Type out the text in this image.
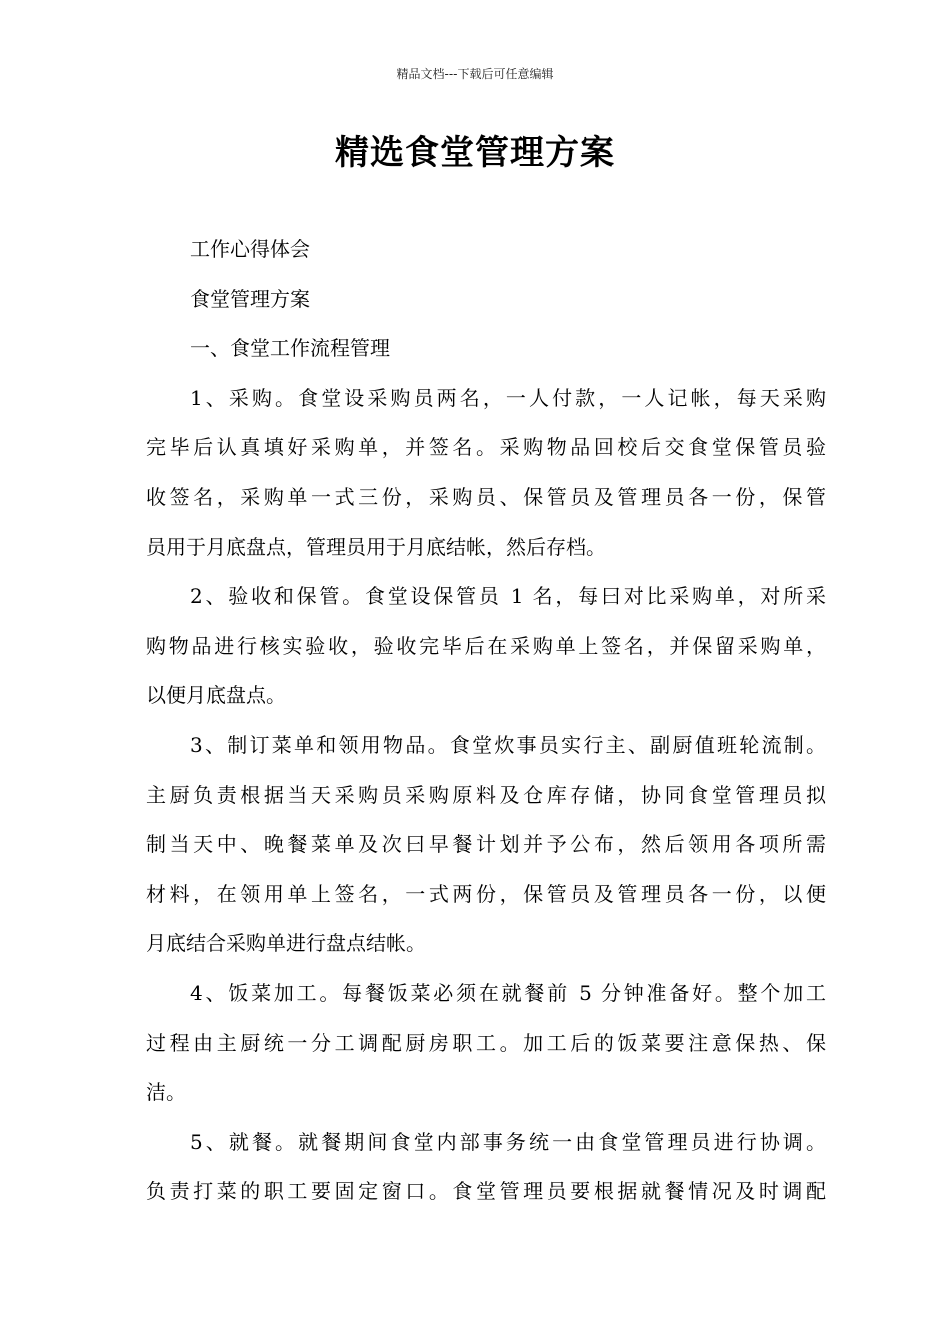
精品文档---下载后可任意编辑
精选食堂管理方案
工作心得体会
食堂管理方案
一、食堂工作流程管理
1、采购。食堂设采购员两名，一人付款，一人记帐，每天采购
完毕后认真填好采购单，并签名。采购物品回校后交食堂保管员验
收签名，采购单一式三份，采购员、保管员及管理员各一份，保管
员用于月底盘点，管理员用于月底结帐，然后存档。
2、验收和保管。食堂设保管员 1 名，每曰对比采购单，对所采
购物品进行核实验收，验收完毕后在采购单上签名，并保留采购单，
以便月底盘点。
3、制订菜单和领用物品。食堂炊事员实行主、副厨值班轮流制。
主厨负责根据当天采购员采购原料及仓库存储，协同食堂管理员拟
制当天中、晚餐菜单及次曰早餐计划并予公布，然后领用各项所需
材料，在领用单上签名，一式两份，保管员及管理员各一份，以便
月底结合采购单进行盘点结帐。
4、饭菜加工。每餐饭菜必须在就餐前 5 分钟准备好。整个加工
过程由主厨统一分工调配厨房职工。加工后的饭菜要注意保热、保
洁。
5、就餐。就餐期间食堂内部事务统一由食堂管理员进行协调。
负责打菜的职工要固定窗口。食堂管理员要根据就餐情况及时调配
